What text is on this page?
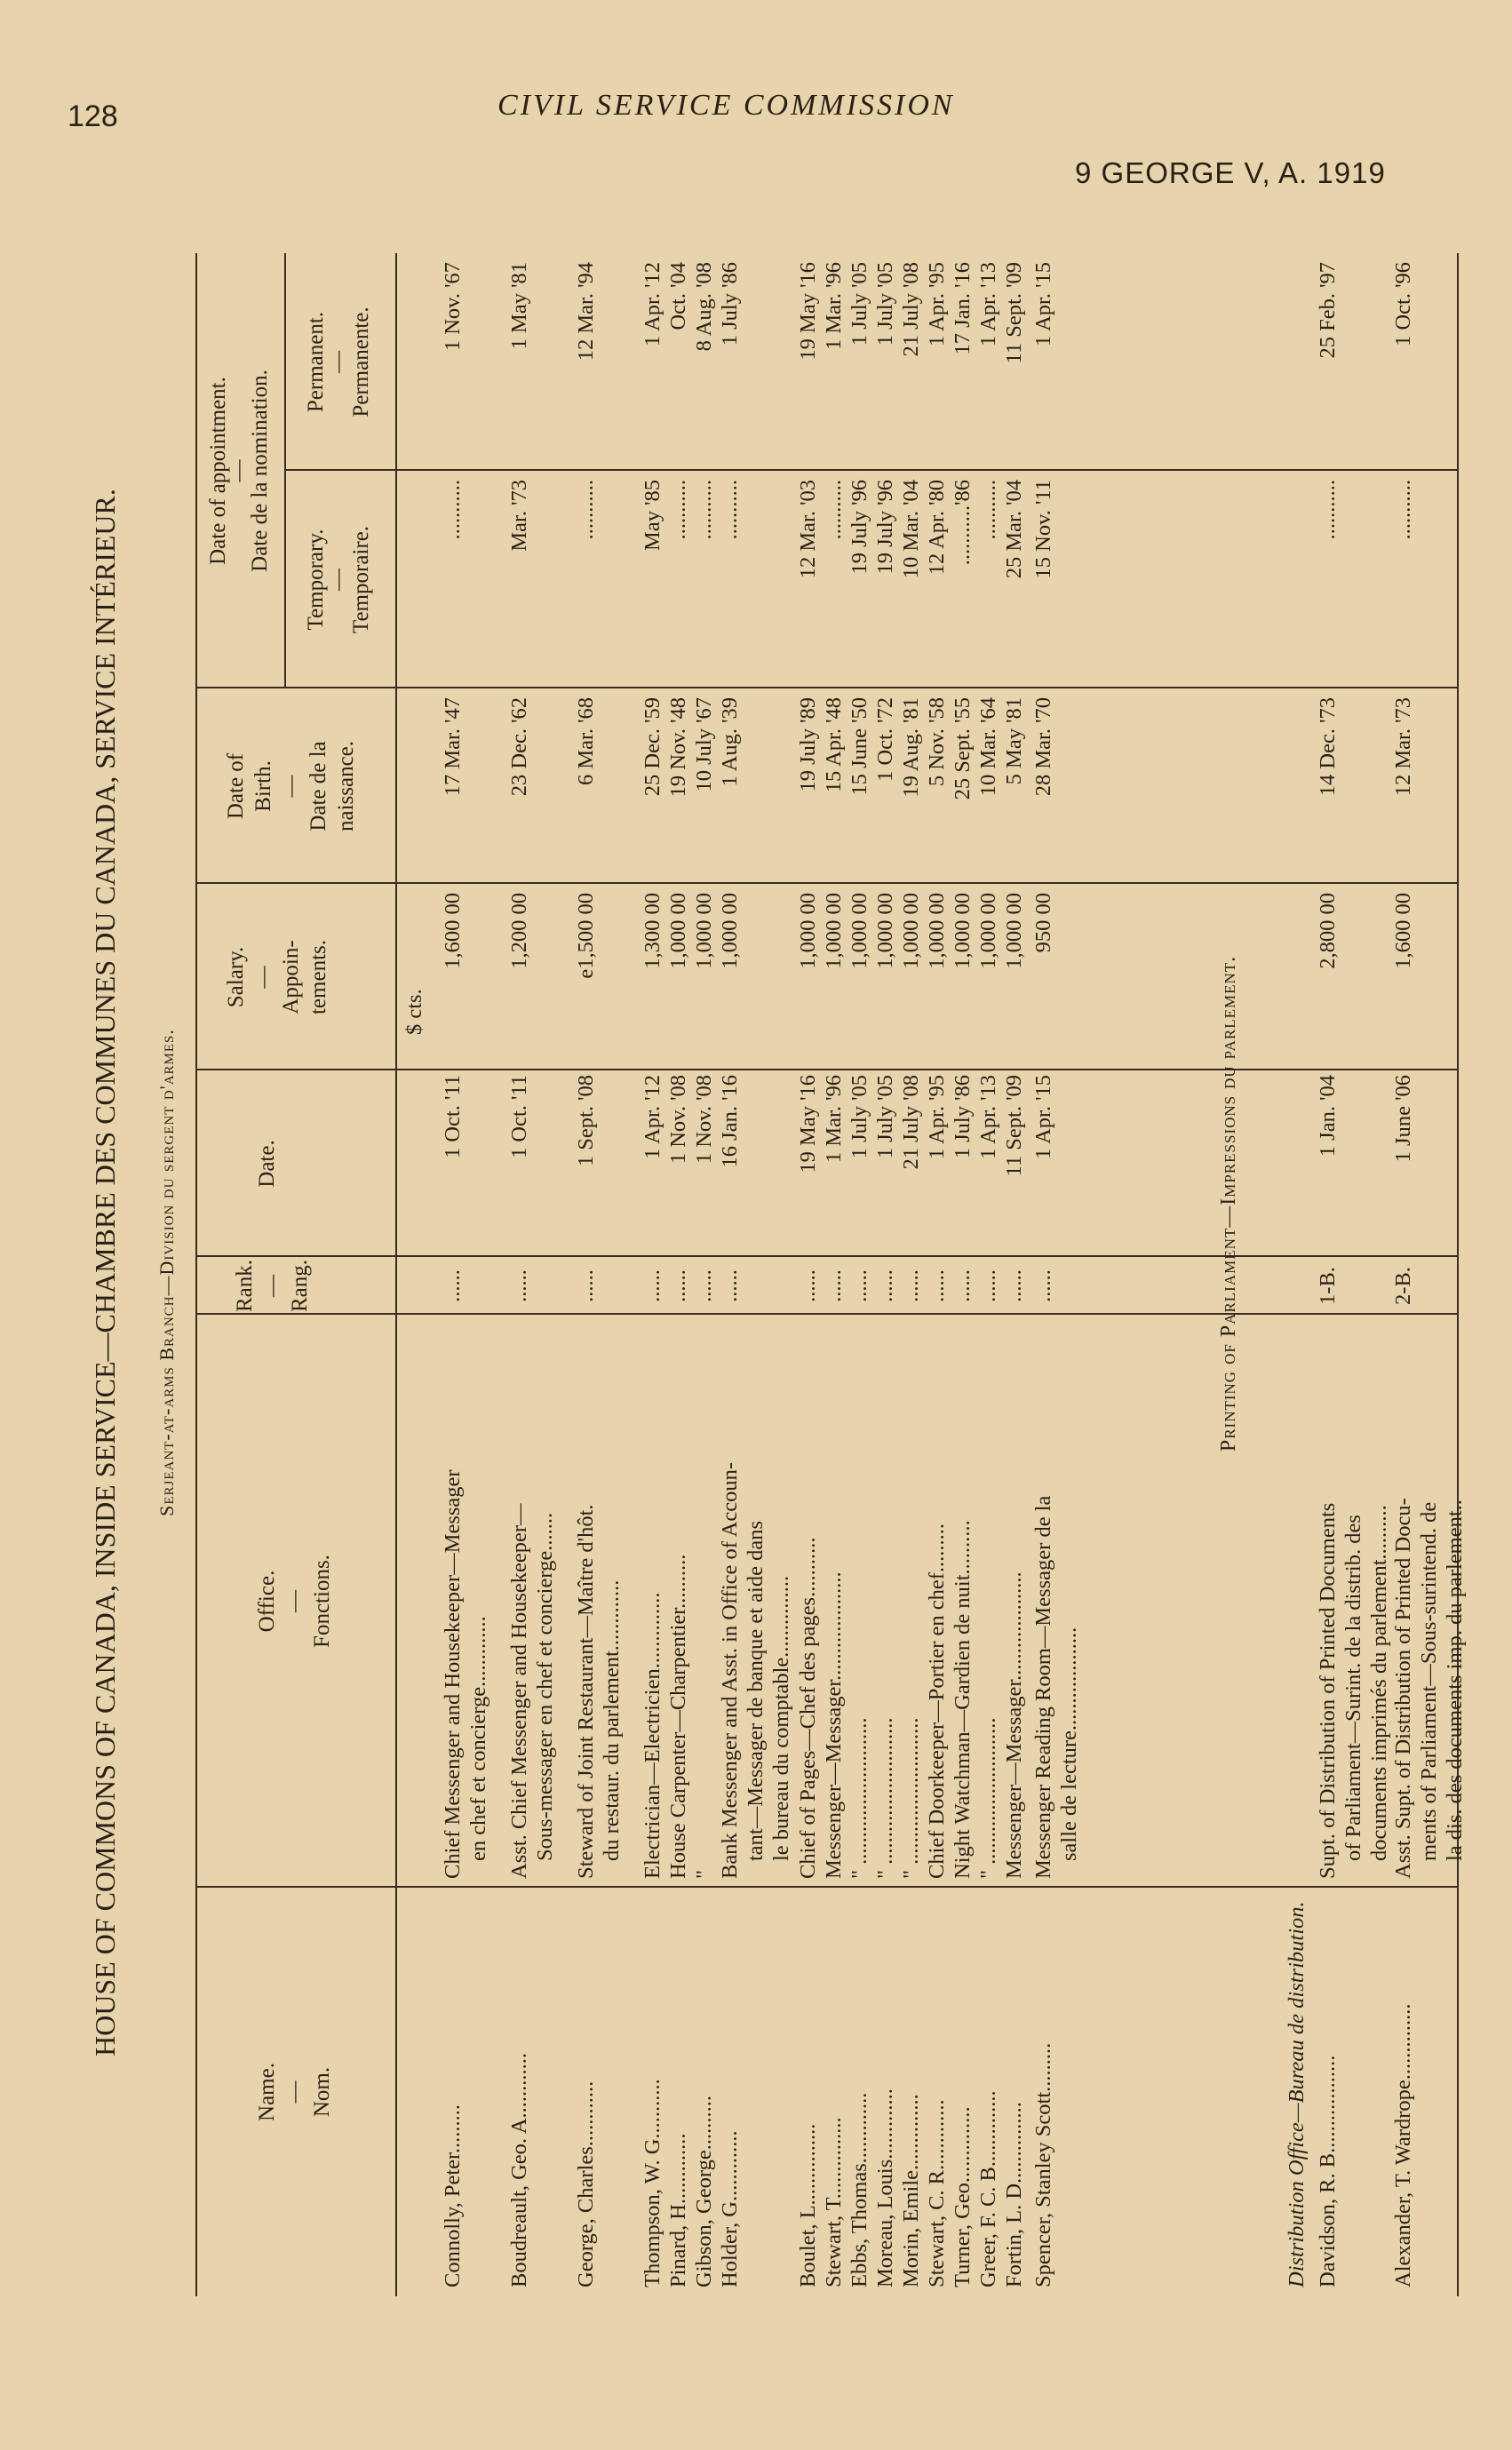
128	CIVIL SERVICE COMMISSION
9 GEORGE V, A. 1919
HOUSE OF COMMONS OF CANADA, INSIDE SERVICE—CHAMBRE DES COMMUNES DU CANADA, SERVICE INTÉRIEUR. Serjeant-at-arms Branch—Division du sergent d'armes.
Name. — Nom.
Office. — Fonctions.
Rank. — Rang.
Date.
Salary. — Appoin- tements.
Date of Birth. — Date de la naissance.
Date of appointment.
—
Date de la nomination.
Temporary.
— Temporaire.
Permanent.
— Permanente.
$ cts.
Connolly, Peter.........
Chief Messenger and Housekeeper—Messager
......
1 Oct. '11
1,600 00
17 Mar. '47
...........
1 Nov. '67
en chef et concierge.............
Boudreault, Geo. A............
Asst. Chief Messenger and Housekeeper—
......
1 Oct. '11
1,200 00
23 Dec. '62
Mar. '73
1 May '81
Sous-messager en chef et concierge.......
George, Charles............
Steward of Joint Restaurant—Maître d'hôt.
......
1 Sept. '08
e1,500 00
6 Mar. '68
...........
12 Mar. '94
du restaur. du parlement.............
Thompson, W. G...........
Electrician—Electricien..............
......
1 Apr. '12
1,300 00
25 Dec. '59
May '85
1 Apr. '12
Pinard, H.............
House Carpenter—Charpentier..........
......
1 Nov. '08
1,000 00
19 Nov. '48
...........
Oct. '04
Gibson, George..........
"
......
1 Nov. '08
1,000 00
10 July '67
...........
8 Aug. '08
Holder, G.............
Bank Messenger and Asst. in Office of Accoun-
......
16 Jan. '16
1,000 00
1 Aug. '39
...........
1 July '86
tant—Messager de banque et aide dans le bureau du comptable...............
Boulet, L...............
Chief of Pages—Chef des pages...........
......
19 May '16
1,000 00
19 July '89
12 Mar. '03
19 May '16
Stewart, T...............
Messenger—Messager....................
......
1 Mar. '96
1,000 00
15 Apr. '48
...........
1 Mar. '96
Ebbs, Thomas.............
" ...........................
......
1 July '05
1,000 00
15 June '50
19 July '96
1 July '05
Moreau, Louis.............
" ...........................
......
1 July '05
1,000 00
1 Oct. '72
19 July '96
1 July '05
Morin, Emile..............
" ...........................
......
21 July '08
1,000 00
19 Aug. '81
10 Mar. '04
21 July '08
Stewart, C. R.............
Chief Doorkeeper—Portier en chef.........
......
1 Apr. '95
1,000 00
5 Nov. '58
12 Apr. '80
1 Apr. '95
Turner, Geo..............
Night Watchman—Gardien de nuit..........
......
1 July '86
1,000 00
25 Sept. '55
...........'86
17 Jan. '16
Greer, F. C. B..............
" ...........................
......
1 Apr. '13
1,000 00
10 Mar. '64
...........
1 Apr. '13
Fortin, L. D...............
Messenger—Messager....................
......
11 Sept. '09
1,000 00
5 May '81
25 Mar. '04
11 Sept. '09
Spencer, Stanley Scott.........
Messenger Reading Room—Messager de la
......
1 Apr. '15
950 00
28 Mar. '70
15 Nov. '11
1 Apr. '15
salle de lecture...................
Printing of Parliament—Impressions du parlement.
Distribution Office—Bureau de distribution. Davidson, R. B..................
Supt. of Distribution of Printed Documents
1-B.
1 Jan. '04
2,800 00
14 Dec. '73
...........
25 Feb. '97
of Parliament—Surint. de la distrib. des documents imprimés du parlement..........
Alexander, T. Wardrope..............
Asst. Supt. of Distribution of Printed Docu-
2-B.
1 June '06
1,600 00
12 Mar. '73
...........
1 Oct. '96
ments of Parliament—Sous-surintend. de la dis. des documents imp. du parlement..
